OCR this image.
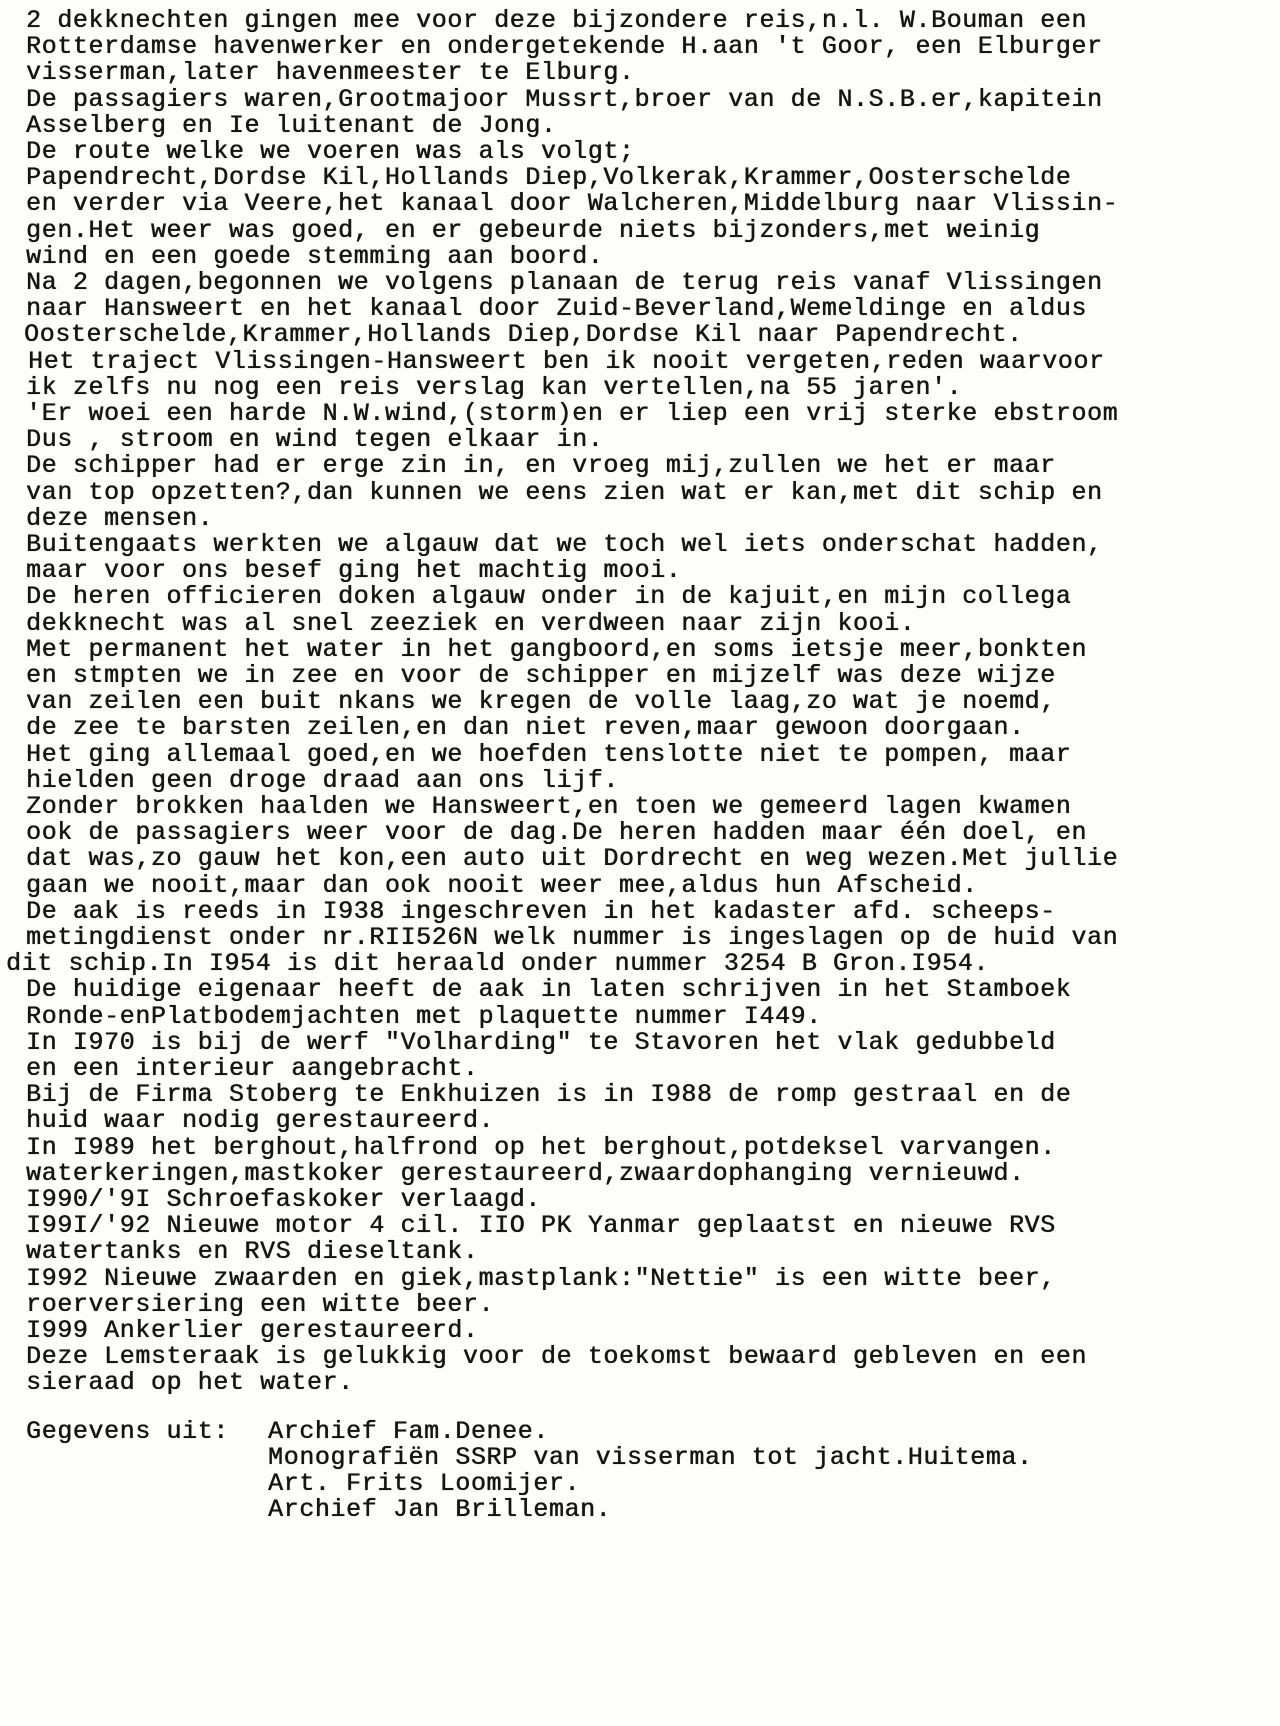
2 dekknechten gingen mee voor deze bijzondere reis,n.l. W.Bouman een
Rotterdamse havenwerker en ondergetekende H.aan 't Goor, een Elburger
visserman,later havenmeester te Elburg.
De passagiers waren,Grootmajoor Mussrt,broer van de N.S.B.er,kapitein
Asselberg en Ie luitenant de Jong.
De route welke we voeren was als volgt;
Papendrecht,Dordse Kil,Hollands Diep,Volkerak,Krammer,Oosterschelde
en verder via Veere,het kanaal door Walcheren,Middelburg naar Vlissin-
gen.Het weer was goed, en er gebeurde niets bijzonders,met weinig
wind en een goede stemming aan boord.
Na 2 dagen,begonnen we volgens planaan de terug reis vanaf Vlissingen
naar Hansweert en het kanaal door Zuid-Beverland,Wemeldinge en aldus
Oosterschelde,Krammer,Hollands Diep,Dordse Kil naar Papendrecht.
Het traject Vlissingen-Hansweert ben ik nooit vergeten,reden waarvoor
ik zelfs nu nog een reis verslag kan vertellen,na 55 jaren'.
'Er woei een harde N.W.wind,(storm)en er liep een vrij sterke ebstroom
Dus , stroom en wind tegen elkaar in.
De schipper had er erge zin in, en vroeg mij,zullen we het er maar
van top opzetten?,dan kunnen we eens zien wat er kan,met dit schip en
deze mensen.
Buitengaats werkten we algauw dat we toch wel iets onderschat hadden,
maar voor ons besef ging het machtig mooi.
De heren officieren doken algauw onder in de kajuit,en mijn collega
dekknecht was al snel zeeziek en verdween naar zijn kooi.
Met permanent het water in het gangboord,en soms ietsje meer,bonkten
en stmpten we in zee en voor de schipper en mijzelf was deze wijze
van zeilen een buit nkans we kregen de volle laag,zo wat je noemd,
de zee te barsten zeilen,en dan niet reven,maar gewoon doorgaan.
Het ging allemaal goed,en we hoefden tenslotte niet te pompen, maar
hielden geen droge draad aan ons lijf.
Zonder brokken haalden we Hansweert,en toen we gemeerd lagen kwamen
ook de passagiers weer voor de dag.De heren hadden maar één doel, en
dat was,zo gauw het kon,een auto uit Dordrecht en weg wezen.Met jullie
gaan we nooit,maar dan ook nooit weer mee,aldus hun Afscheid.
De aak is reeds in I938 ingeschreven in het kadaster afd. scheeps-
metingdienst onder nr.RII526N welk nummer is ingeslagen op de huid van
dit schip.In I954 is dit heraald onder nummer 3254 B Gron.I954.
De huidige eigenaar heeft de aak in laten schrijven in het Stamboek
Ronde-enPlatbodemjachten met plaquette nummer I449.
In I970 is bij de werf "Volharding" te Stavoren het vlak gedubbeld
en een interieur aangebracht.
Bij de Firma Stoberg te Enkhuizen is in I988 de romp gestraal en de
huid waar nodig gerestaureerd.
In I989 het berghout,halfrond op het berghout,potdeksel varvangen.
waterkeringen,mastkoker gerestaureerd,zwaardophanging vernieuwd.
I990/'9I Schroefaskoker verlaagd.
I99I/'92 Nieuwe motor 4 cil. IIO PK Yanmar geplaatst en nieuwe RVS
watertanks en RVS dieseltank.
I992 Nieuwe zwaarden en giek,mastplank:"Nettie" is een witte beer,
roerversiering een witte beer.
I999 Ankerlier gerestaureerd.
Deze Lemsteraak is gelukkig voor de toekomst bewaard gebleven en een
sieraad op het water.
Gegevens uit: Archief Fam.Denee.
Monografiën SSRP van visserman tot jacht.Huitema.
Art. Frits Loomijer.
Archief Jan Brilleman.
